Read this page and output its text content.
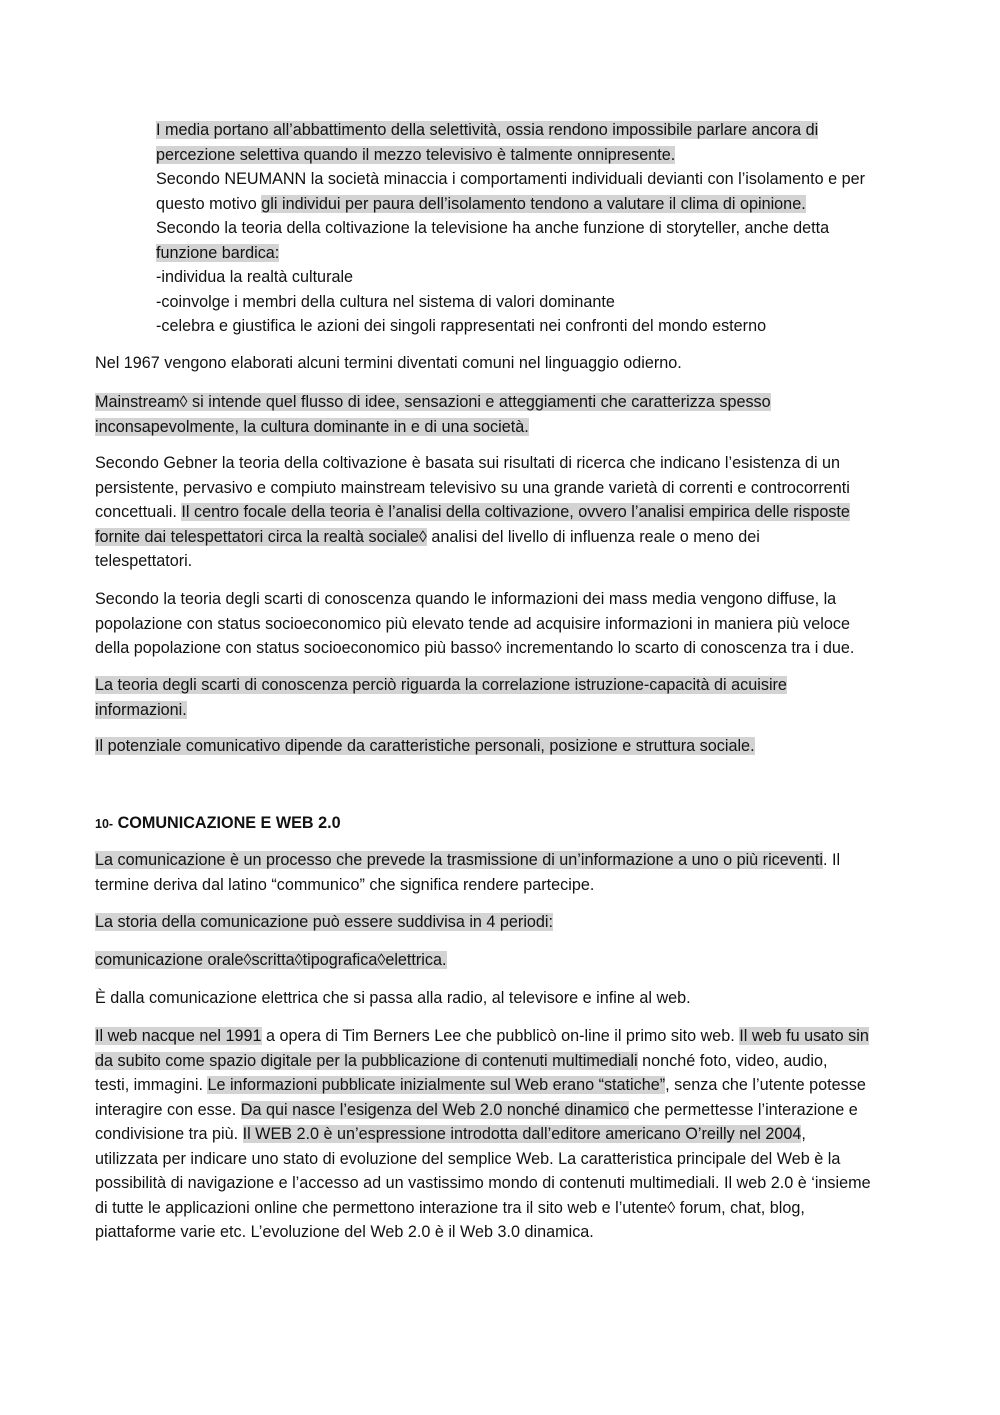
I media portano all’abbattimento della selettività, ossia rendono impossibile parlare ancora di
percezione selettiva quando il mezzo televisivo è talmente onnipresente.
Secondo NEUMANN la società minaccia i comportamenti individuali devianti con l’isolamento e per
questo motivo gli individui per paura dell’isolamento tendono a valutare il clima di opinione.
Secondo la teoria della coltivazione la televisione ha anche funzione di storyteller, anche detta
funzione bardica:
-individua la realtà culturale
-coinvolge i membri della cultura nel sistema di valori dominante
-celebra e giustifica le azioni dei singoli rappresentati nei confronti del mondo esterno
Nel 1967 vengono elaborati alcuni termini diventati comuni nel linguaggio odierno.
Mainstream◊ si intende quel flusso di idee, sensazioni e atteggiamenti che caratterizza spesso
inconsapevolmente, la cultura dominante in e di una società.
Secondo Gebner la teoria della coltivazione è basata sui risultati di ricerca che indicano l’esistenza di un
persistente, pervasivo e compiuto mainstream televisivo su una grande varietà di correnti e controcorrenti
concettuali. Il centro focale della teoria è l’analisi della coltivazione, ovvero l’analisi empirica delle risposte
fornite dai telespettatori circa la realtà sociale◊ analisi del livello di influenza reale o meno dei
telespettatori.
Secondo la teoria degli scarti di conoscenza quando le informazioni dei mass media vengono diffuse, la
popolazione con status socioeconomico più elevato tende ad acquisire informazioni in maniera più veloce
della popolazione con status socioeconomico più basso◊ incrementando lo scarto di conoscenza tra i due.
La teoria degli scarti di conoscenza perciò riguarda la correlazione istruzione-capacità di acuisire
informazioni.
Il potenziale comunicativo dipende da caratteristiche personali, posizione e struttura sociale.
10- COMUNICAZIONE E WEB 2.0
La comunicazione è un processo che prevede la trasmissione di un’informazione a uno o più riceventi. Il
termine deriva dal latino “communico” che significa rendere partecipe.
La storia della comunicazione può essere suddivisa in 4 periodi:
comunicazione orale◊scritta◊tipografica◊elettrica.
È dalla comunicazione elettrica che si passa alla radio, al televisore e infine al web.
Il web nacque nel 1991 a opera di Tim Berners Lee che pubblicò on-line il primo sito web. Il web fu usato sin
da subito come spazio digitale per la pubblicazione di contenuti multimediali nonché foto, video, audio,
testi, immagini. Le informazioni pubblicate inizialmente sul Web erano “statiche”, senza che l’utente potesse
interagire con esse. Da qui nasce l’esigenza del Web 2.0 nonché dinamico che permettesse l’interazione e
condivisione tra più. Il WEB 2.0 è un’espressione introdotta dall’editore americano O’reilly nel 2004,
utilizzata per indicare uno stato di evoluzione del semplice Web. La caratteristica principale del Web è la
possibilità di navigazione e l’accesso ad un vastissimo mondo di contenuti multimediali. Il web 2.0 è ‘insieme
di tutte le applicazioni online che permettono interazione tra il sito web e l’utente◊ forum, chat, blog,
piattaforme varie etc. L’evoluzione del Web 2.0 è il Web 3.0 dinamica.
